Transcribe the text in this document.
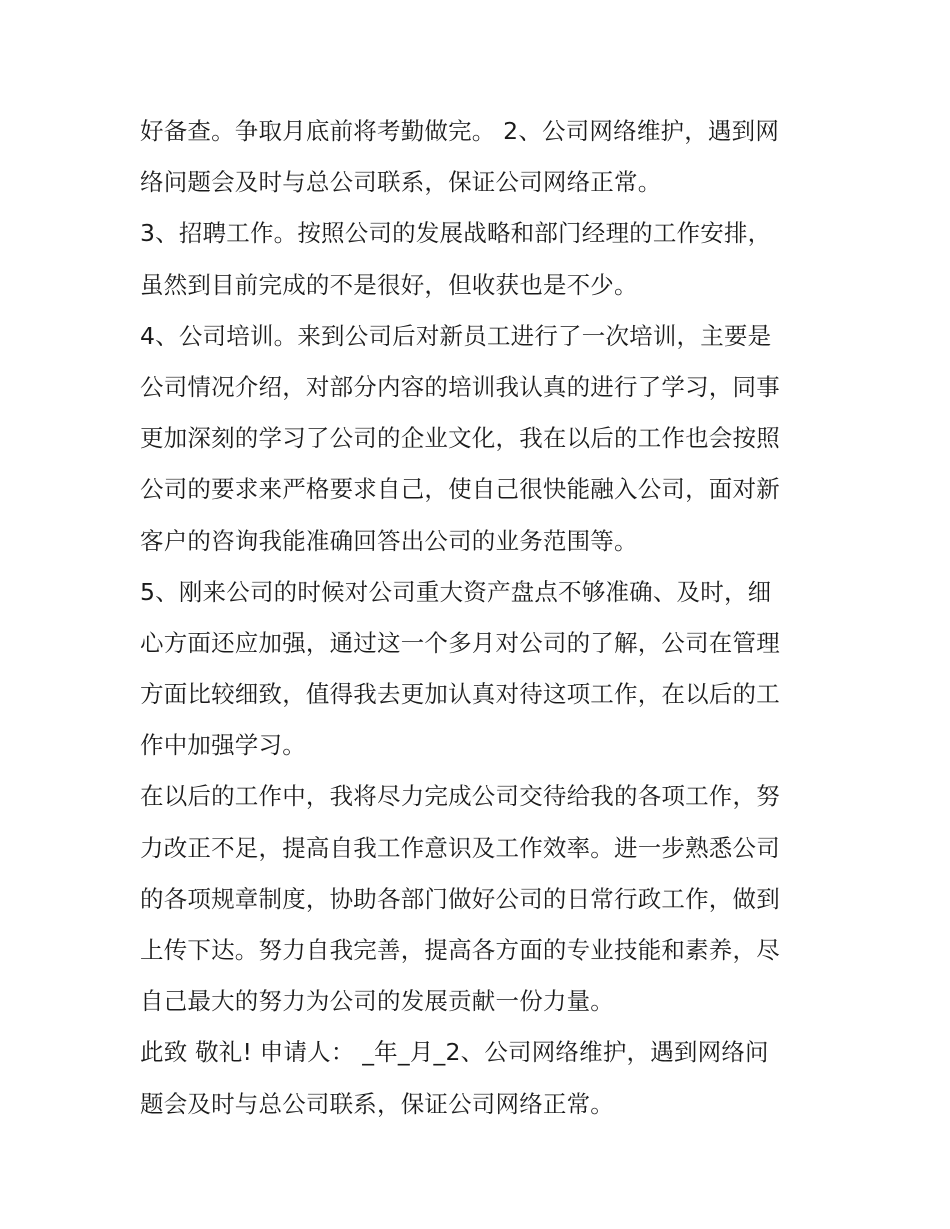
好备查。争取月底前将考勤做完。 2、公司网络维护，遇到网
络问题会及时与总公司联系，保证公司网络正常。
3、招聘工作。按照公司的发展战略和部门经理的工作安排，
虽然到目前完成的不是很好，但收获也是不少。
4、公司培训。来到公司后对新员工进行了一次培训，主要是
公司情况介绍，对部分内容的培训我认真的进行了学习，同事
更加深刻的学习了公司的企业文化，我在以后的工作也会按照
公司的要求来严格要求自己，使自己很快能融入公司，面对新
客户的咨询我能准确回答出公司的业务范围等。
5、刚来公司的时候对公司重大资产盘点不够准确、及时，细
心方面还应加强，通过这一个多月对公司的了解，公司在管理
方面比较细致，值得我去更加认真对待这项工作，在以后的工
作中加强学习。
在以后的工作中，我将尽力完成公司交待给我的各项工作，努
力改正不足，提高自我工作意识及工作效率。进一步熟悉公司
的各项规章制度，协助各部门做好公司的日常行政工作，做到
上传下达。努力自我完善，提高各方面的专业技能和素养，尽
自己最大的努力为公司的发展贡献一份力量。
此致 敬礼! 申请人： _年_月_2、公司网络维护，遇到网络问
题会及时与总公司联系，保证公司网络正常。
